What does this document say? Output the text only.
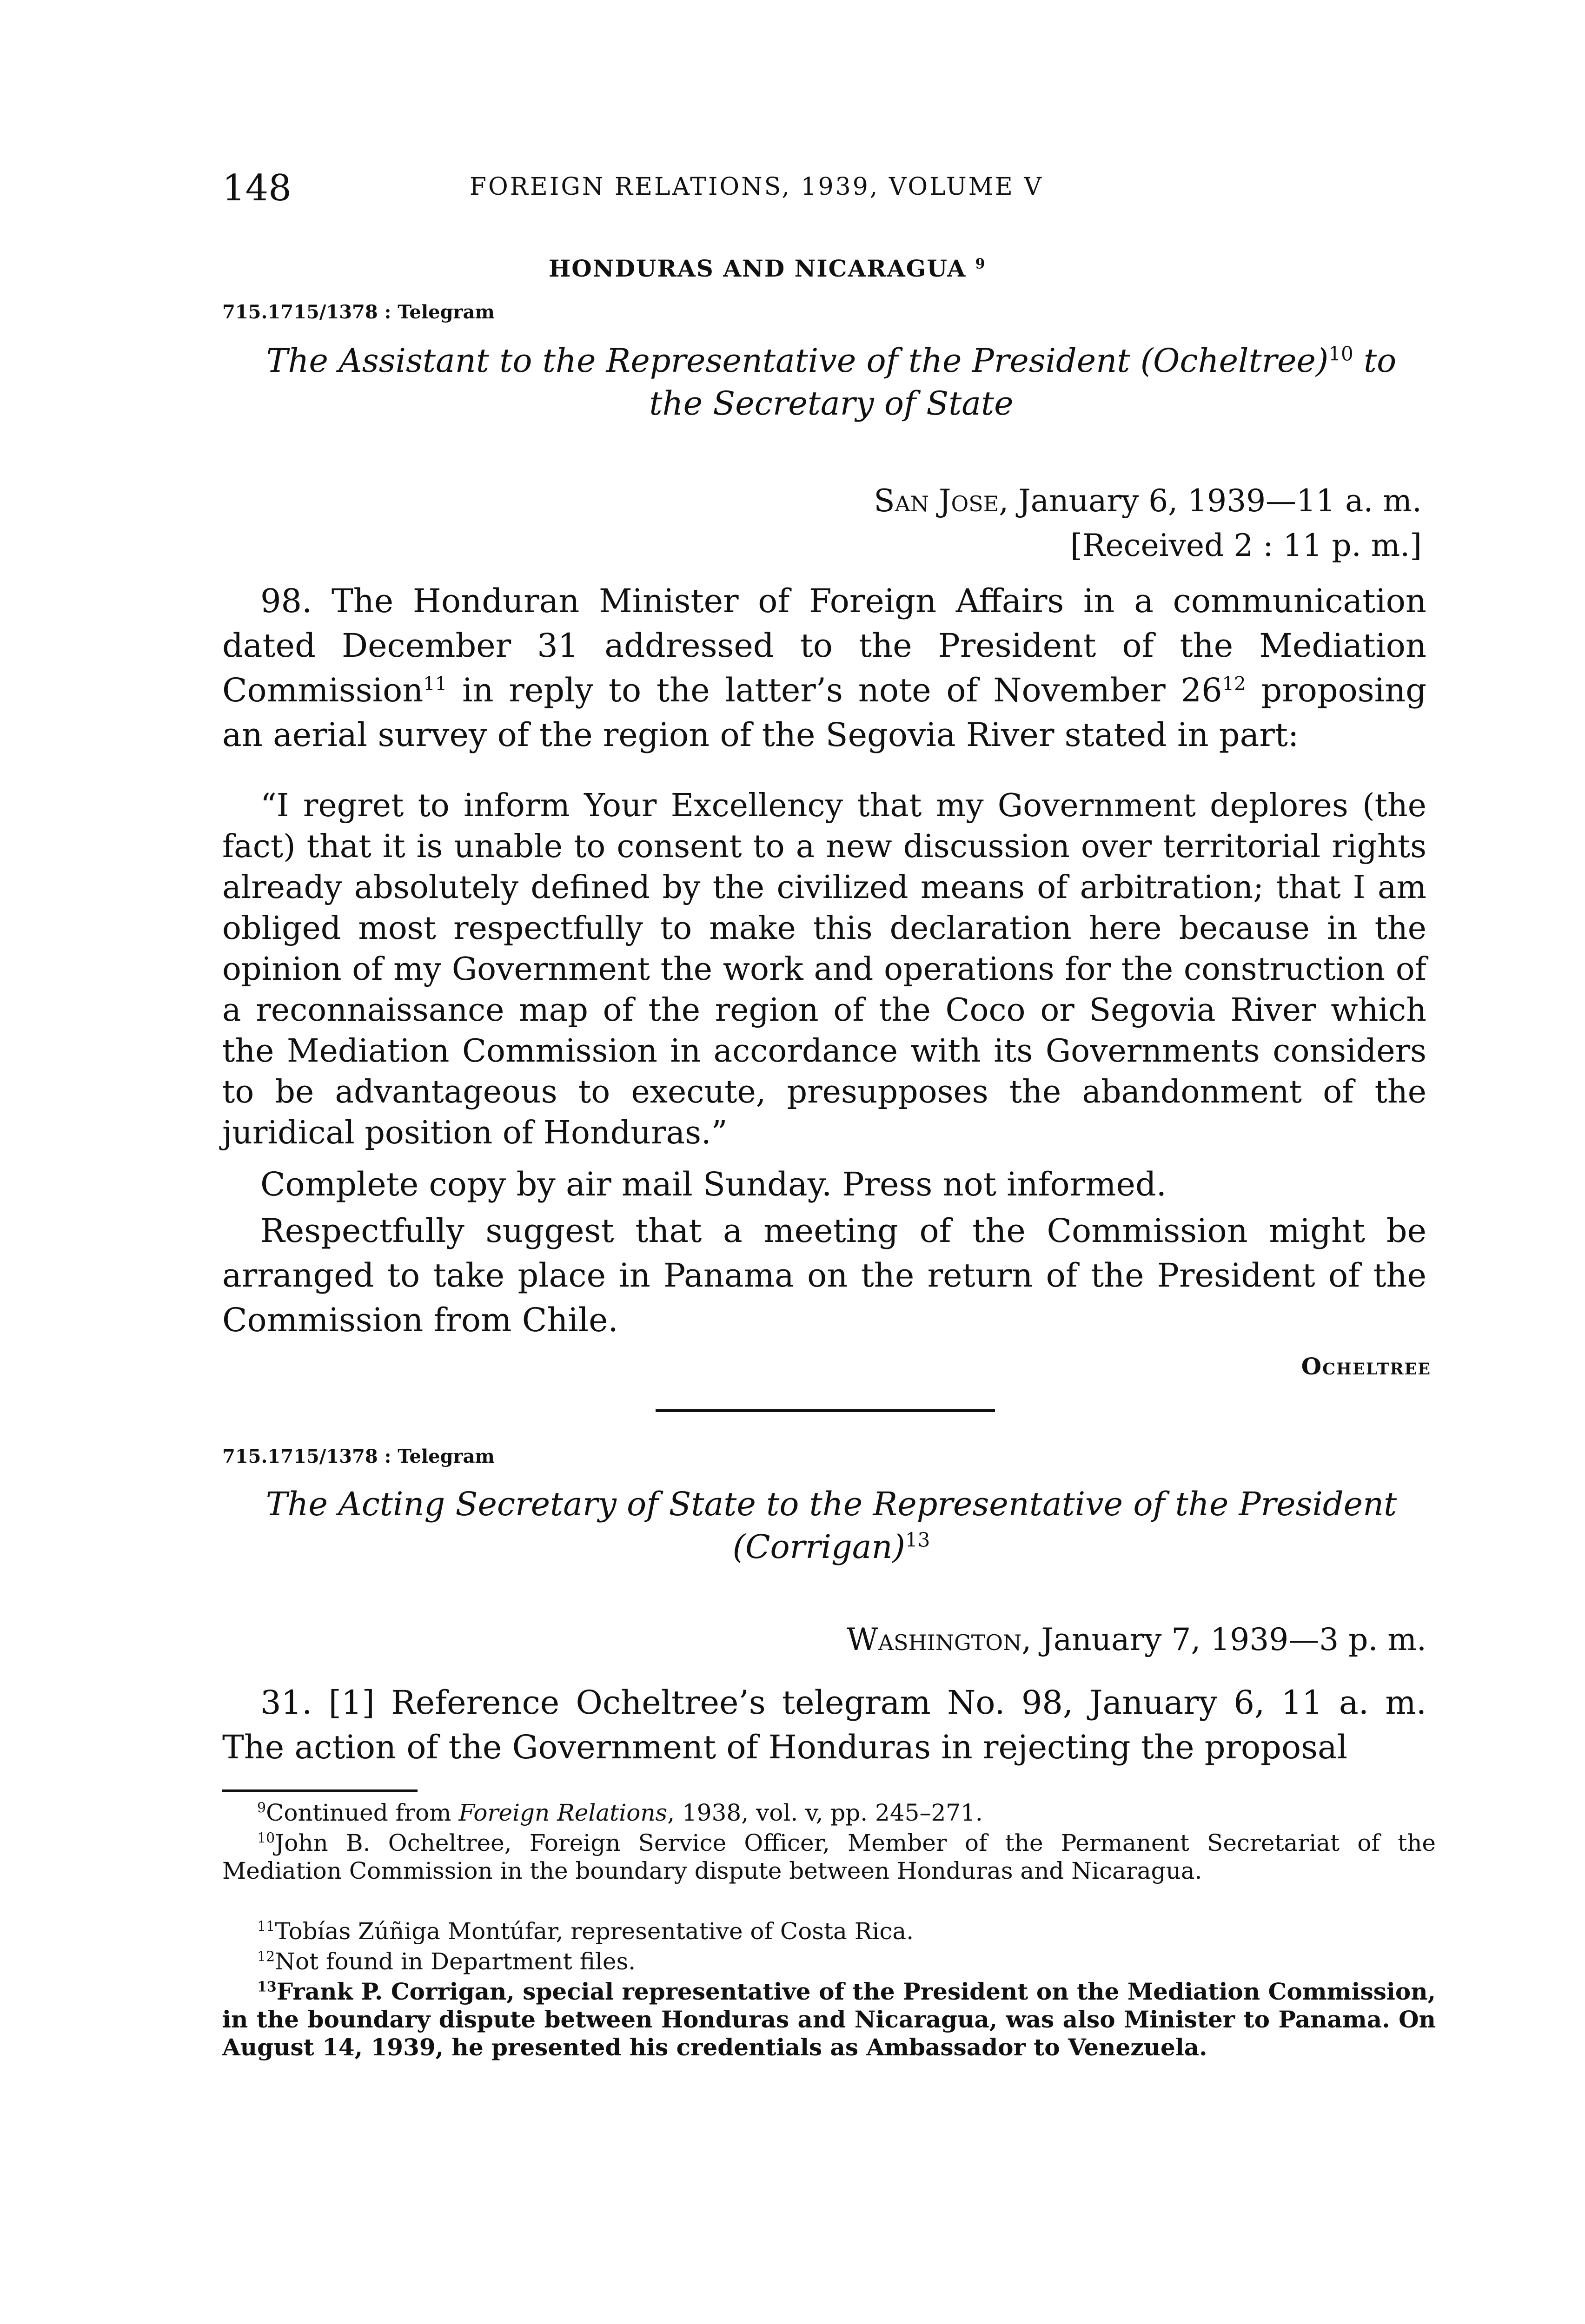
148	FOREIGN RELATIONS, 1939, VOLUME V
HONDURAS AND NICARAGUA $^9$
715.1715/1378 : Telegram
The Assistant to the Representative of the President (Ocheltree)$^{10}$ to
the Secretary of State
San Jose, January 6, 1939—11 a. m.
[Received 2 : 11 p. m.]
98. The Honduran Minister of Foreign Affairs in a communication dated December 31 addressed to the President of the Mediation Commission$^{11}$ in reply to the latter’s note of November $26^{12}$ proposing an aerial survey of the region of the Segovia River stated in part:
“I regret to inform Your Excellency that my Government deplores (the fact) that it is unable to consent to a new discussion over territorial rights already absolutely defined by the civilized means of arbitration; that I am obliged most respectfully to make this declaration here because in the opinion of my Government the work and operations for the construction of a reconnaissance map of the region of the Coco or Segovia River which the Mediation Commission in accordance with its Governments considers to be advantageous to execute, presupposes the abandonment of the juridical position of Honduras.”
Complete copy by air mail Sunday. Press not informed.
Respectfully suggest that a meeting of the Commission might be arranged to take place in Panama on the return of the President of the Commission from Chile.
Ocheltree
715.1715/1378 : Telegram
The Acting Secretary of State to the Representative of the President
(Corrigan)$^{13}$
Washington, January 7, 1939—3 p. m.
31. [1] Reference Ocheltree’s telegram No. 98, January 6, 11 a. m. The action of the Government of Honduras in rejecting the proposal
$^9$Continued from Foreign Relations, 1938, vol. v, pp. 245–271.
$^{10}$John B. Ocheltree, Foreign Service Officer, Member of the Permanent Secretariat of the Mediation Commission in the boundary dispute between Honduras and Nicaragua.
$^{11}$Tobías Zúñiga Montúfar, representative of Costa Rica.
$^{12}$Not found in Department files.
$^{13}$Frank P. Corrigan, special representative of the President on the Mediation Commission, in the boundary dispute between Honduras and Nicaragua, was also Minister to Panama. On August 14, 1939, he presented his credentials as Ambassador to Venezuela.
